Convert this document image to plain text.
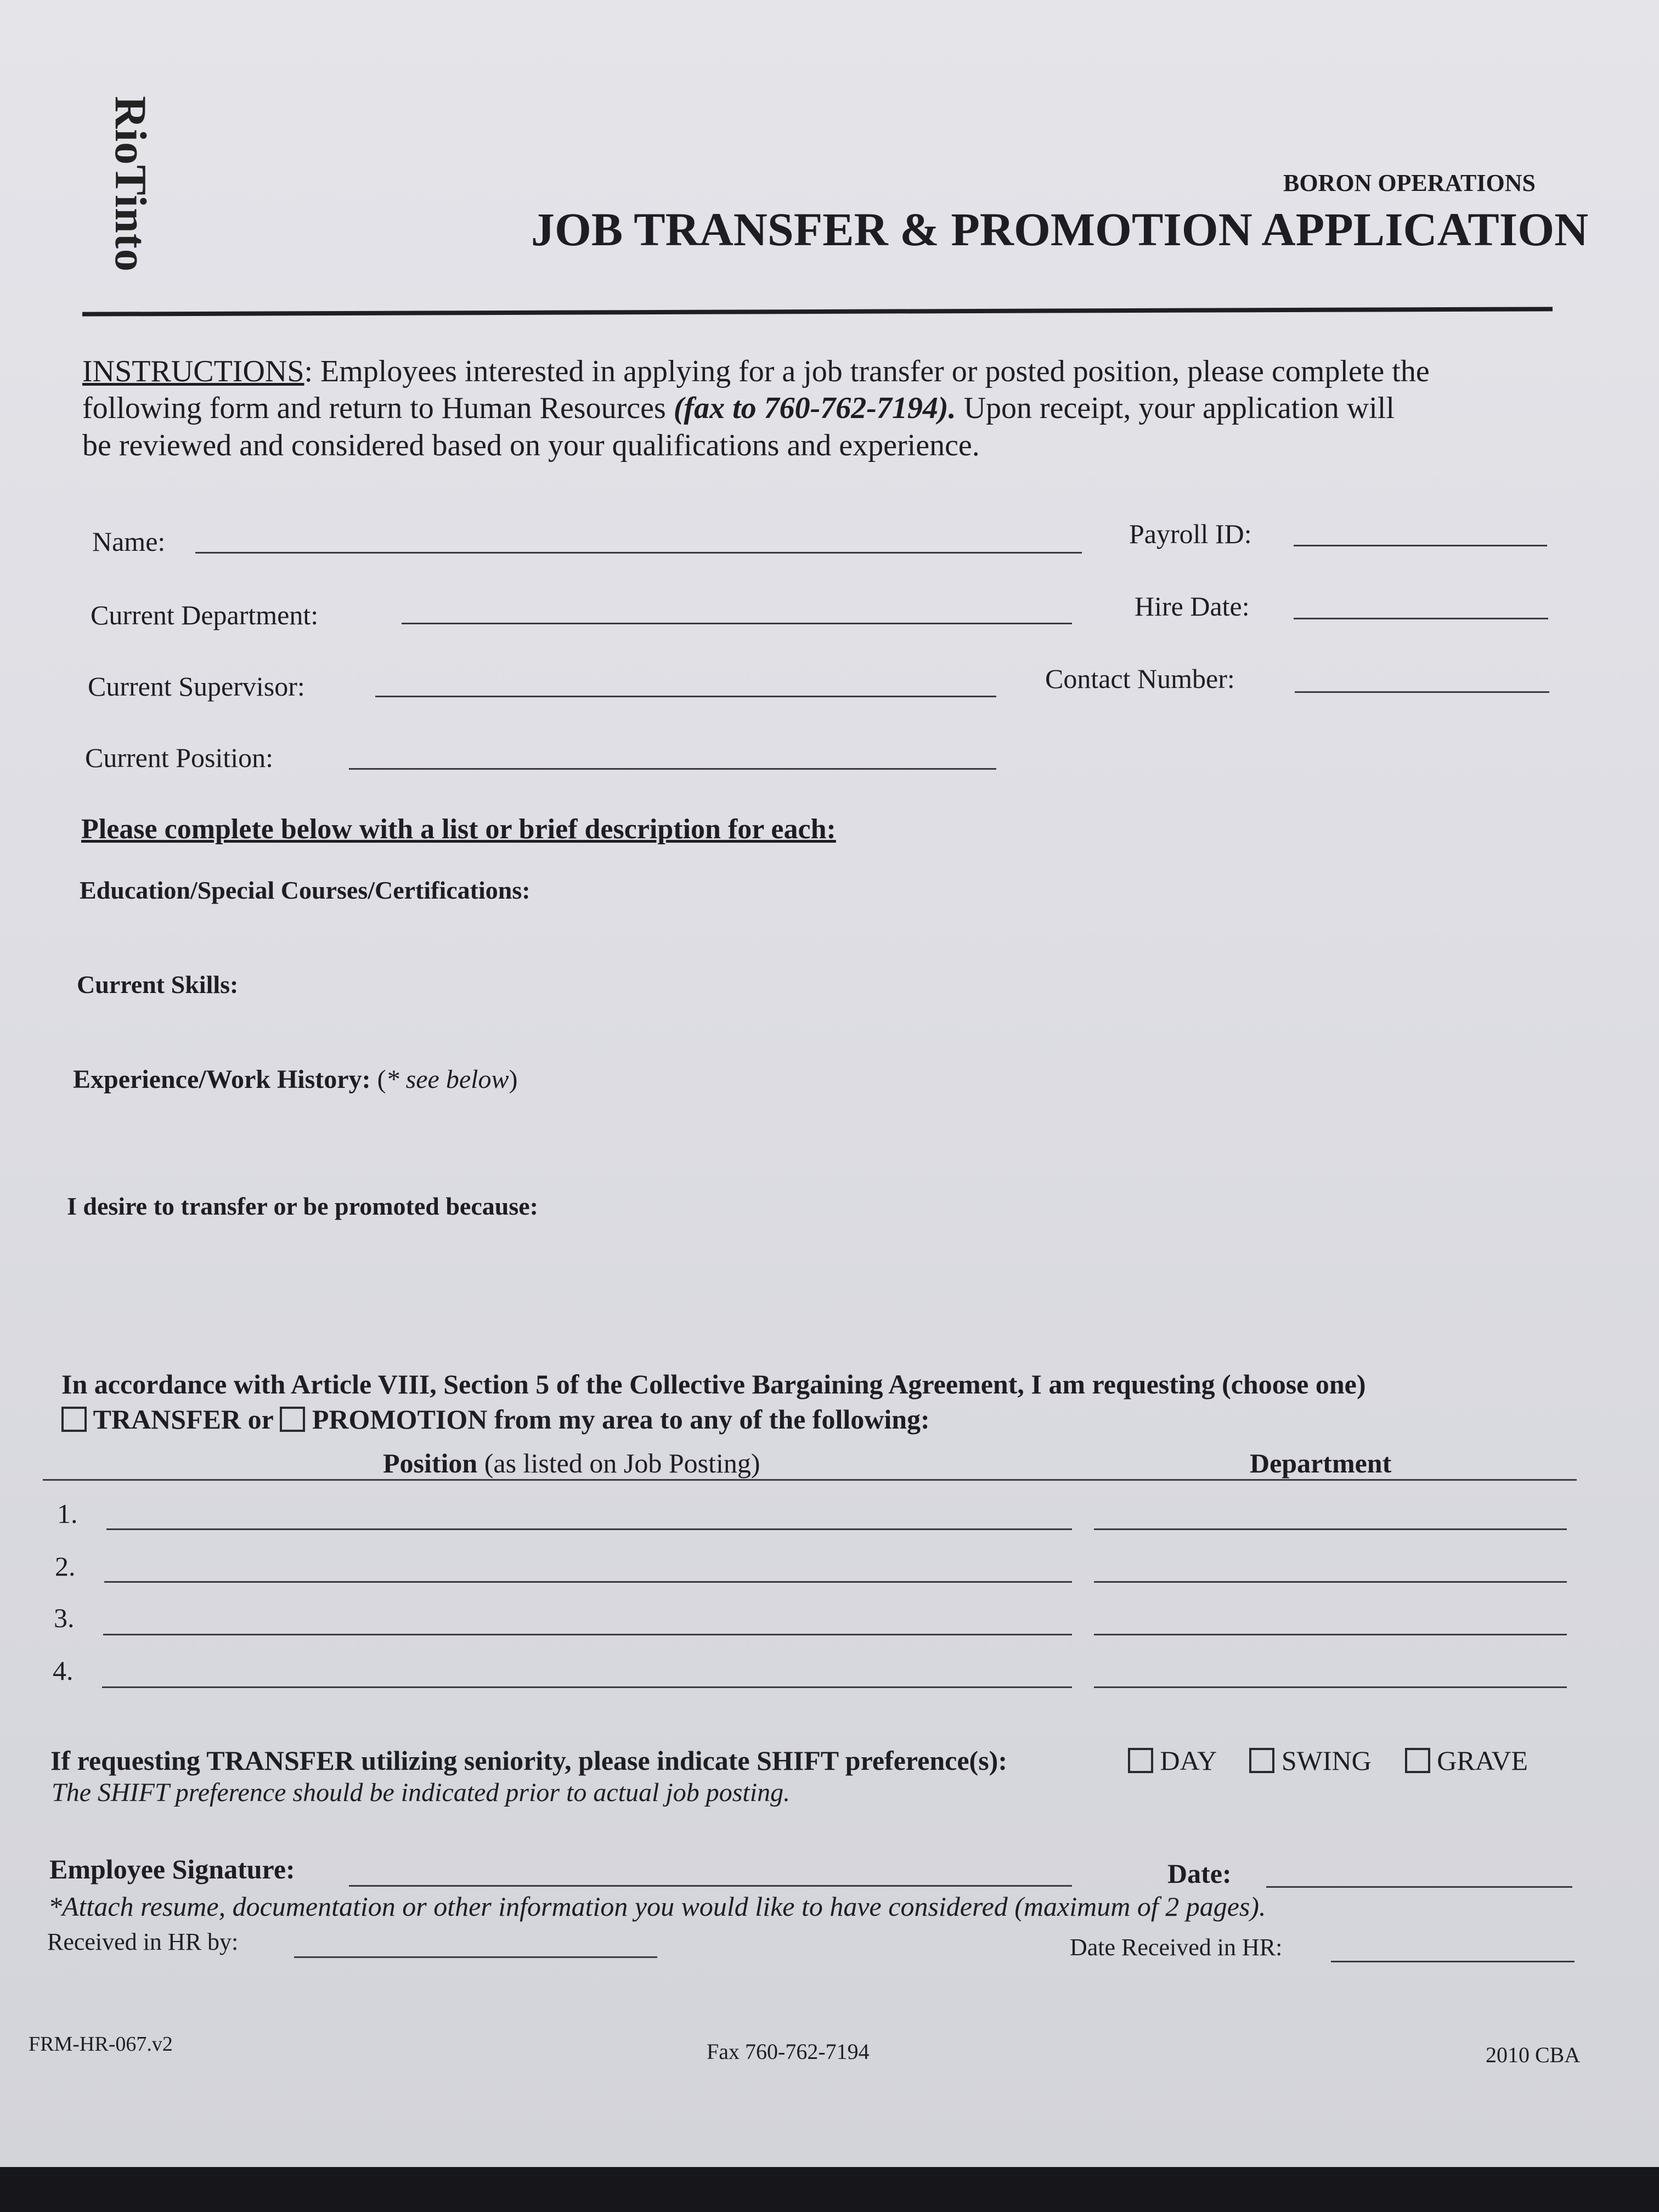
RioTinto	BORON OPERATIONS
JOB TRANSFER & PROMOTION APPLICATION
INSTRUCTIONS: Employees interested in applying for a job transfer or posted position, please complete the
following form and return to Human Resources (fax to 760-762-7194). Upon receipt, your application will
be reviewed and considered based on your qualifications and experience.
Name:	Payroll ID:
Current Department:	Hire Date:
Current Supervisor:	Contact Number:
Current Position:
Please complete below with a list or brief description for each:
Education/Special Courses/Certifications:
Current Skills:
Experience/Work History: (* see below)
I desire to transfer or be promoted because:
In accordance with Article VIII, Section 5 of the Collective Bargaining Agreement, I am requesting (choose one)
TRANSFER or PROMOTION from my area to any of the following:
Position (as listed on Job Posting)	Department
1.
2.
3.
4.
If requesting TRANSFER utilizing seniority, please indicate SHIFT preference(s):	DAY SWING GRAVE
The SHIFT preference should be indicated prior to actual job posting.
Employee Signature:	Date:
*Attach resume, documentation or other information you would like to have considered (maximum of 2 pages).
Received in HR by:	Date Received in HR:
FRM-HR-067.v2	Fax 760-762-7194	2010 CBA
